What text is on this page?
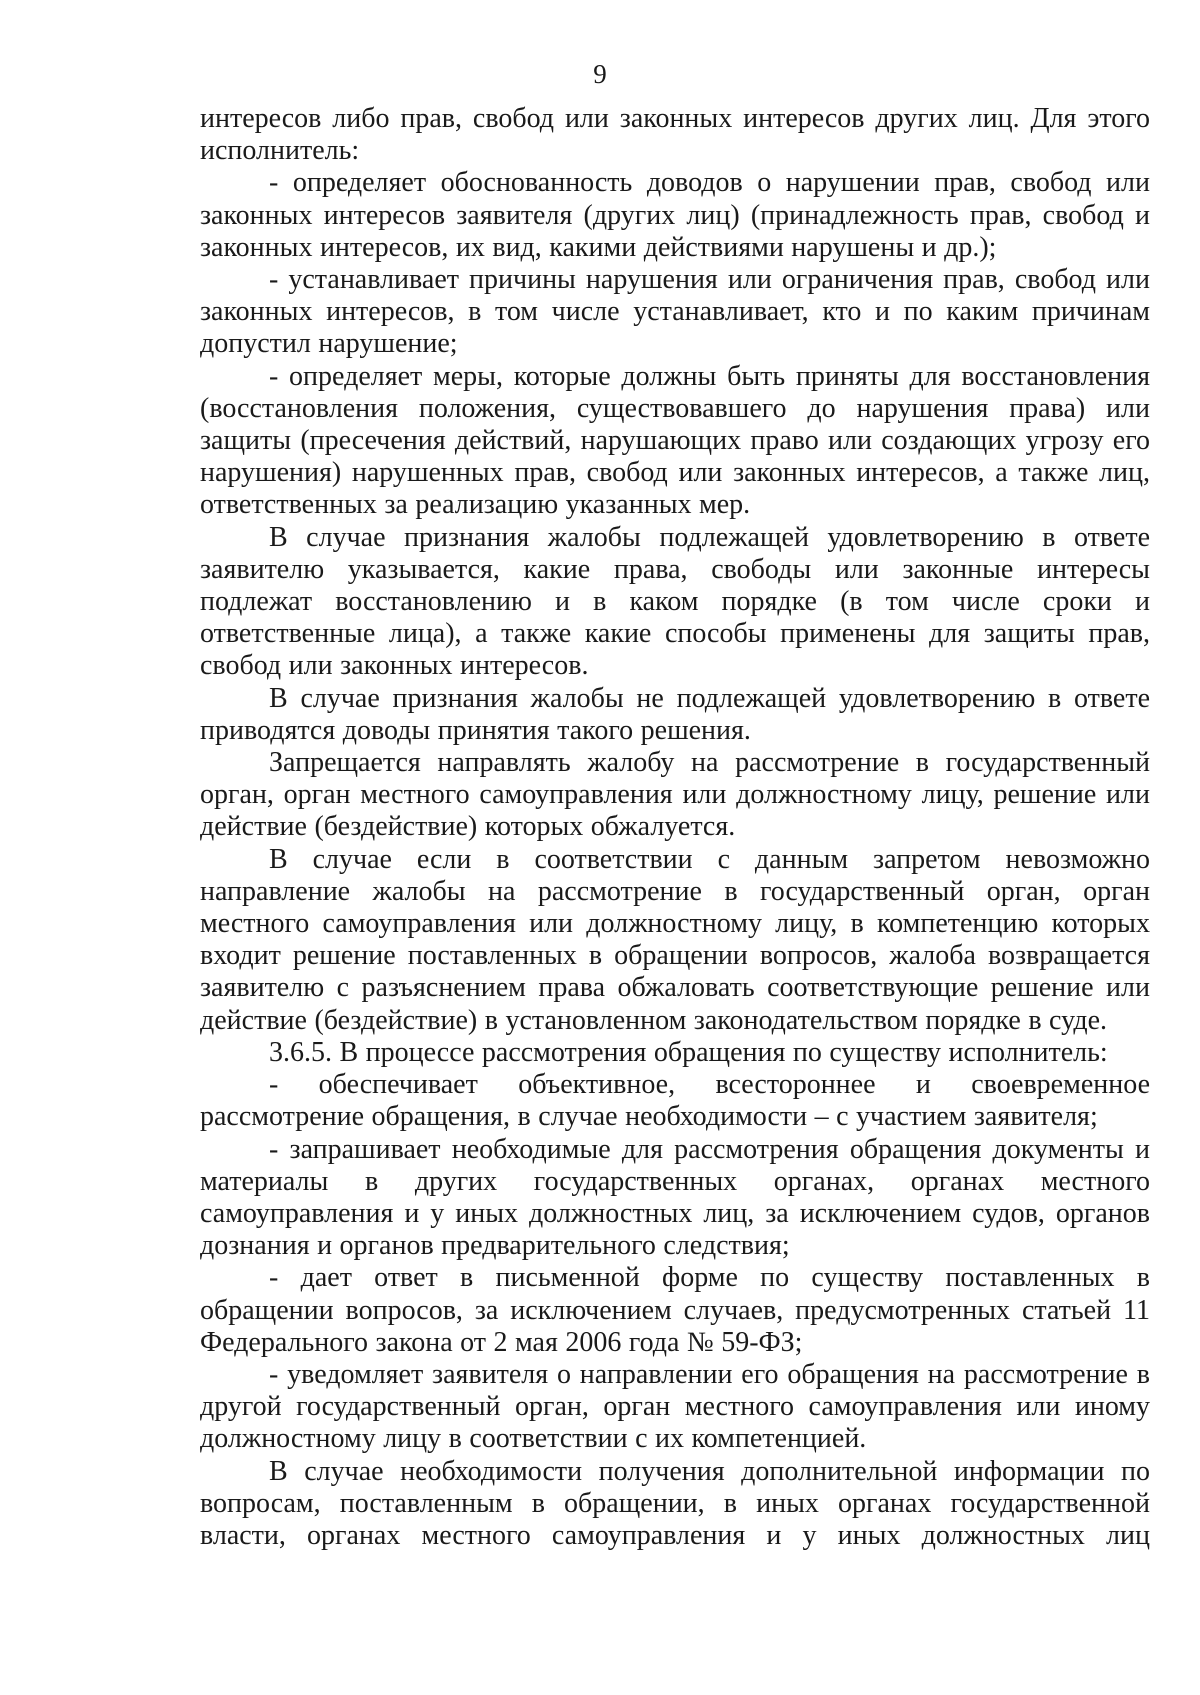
9

интересов либо прав, свобод или законных интересов других лиц. Для этого исполнитель:

- определяет обоснованность доводов о нарушении прав, свобод или законных интересов заявителя (других лиц) (принадлежность прав, свобод и законных интересов, их вид, какими действиями нарушены и др.);

- устанавливает причины нарушения или ограничения прав, свобод или законных интересов, в том числе устанавливает, кто и по каким причинам допустил нарушение;

- определяет меры, которые должны быть приняты для восстановления (восстановления положения, существовавшего до нарушения права) или защиты (пресечения действий, нарушающих право или создающих угрозу его нарушения) нарушенных прав, свобод или законных интересов, а также лиц, ответственных за реализацию указанных мер.

В случае признания жалобы подлежащей удовлетворению в ответе заявителю указывается, какие права, свободы или законные интересы подлежат восстановлению и в каком порядке (в том числе сроки и ответственные лица), а также какие способы применены для защиты прав, свобод или законных интересов.

В случае признания жалобы не подлежащей удовлетворению в ответе приводятся доводы принятия такого решения.

Запрещается направлять жалобу на рассмотрение в государственный орган, орган местного самоуправления или должностному лицу, решение или действие (бездействие) которых обжалуется.

В случае если в соответствии с данным запретом невозможно направление жалобы на рассмотрение в государственный орган, орган местного самоуправления или должностному лицу, в компетенцию которых входит решение поставленных в обращении вопросов, жалоба возвращается заявителю с разъяснением права обжаловать соответствующие решение или действие (бездействие) в установленном законодательством порядке в суде.

3.6.5. В процессе рассмотрения обращения по существу исполнитель:

- обеспечивает объективное, всестороннее и своевременное рассмотрение обращения, в случае необходимости – с участием заявителя;

- запрашивает необходимые для рассмотрения обращения документы и материалы в других государственных органах, органах местного самоуправления и у иных должностных лиц, за исключением судов, органов дознания и органов предварительного следствия;

- дает ответ в письменной форме по существу поставленных в обращении вопросов, за исключением случаев, предусмотренных статьей 11 Федерального закона от 2 мая 2006 года № 59-ФЗ;

- уведомляет заявителя о направлении его обращения на рассмотрение в другой государственный орган, орган местного самоуправления или иному должностному лицу в соответствии с их компетенцией.

В случае необходимости получения дополнительной информации по вопросам, поставленным в обращении, в иных органах государственной власти, органах местного самоуправления и у иных должностных лиц
